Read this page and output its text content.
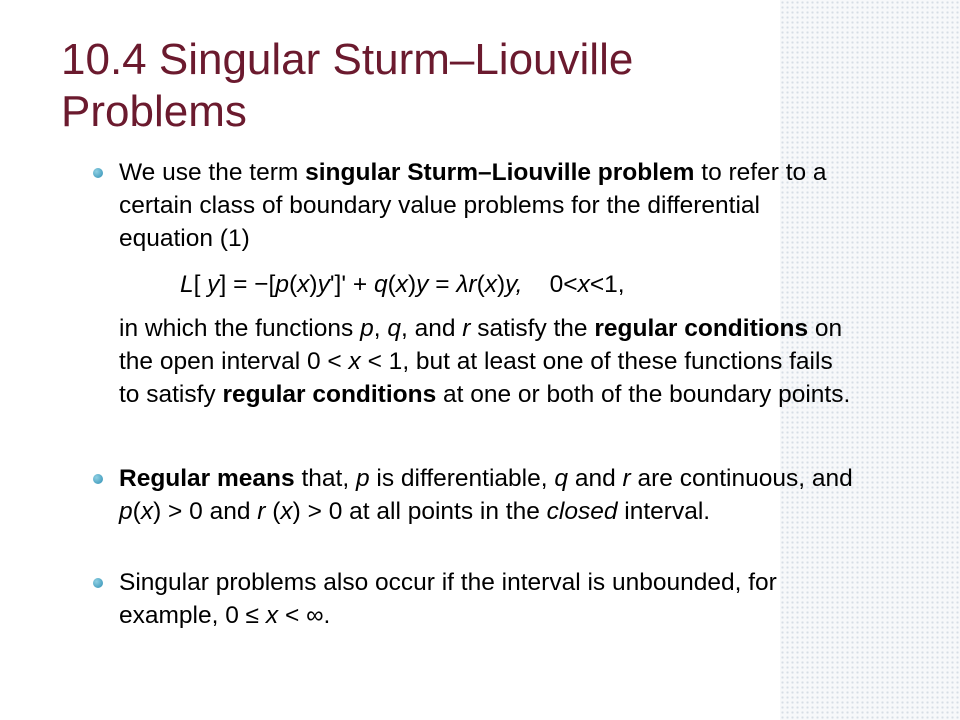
10.4 Singular Sturm–Liouville Problems

We use the term singular Sturm–Liouville problem to refer to a certain class of boundary value problems for the differential equation (1)

L[ y] = −[p(x)y']' + q(x)y = λr(x)y,    0<x<1,

in which the functions p, q, and r satisfy the regular conditions on the open interval 0 < x < 1, but at least one of these functions fails to satisfy regular conditions at one or both of the boundary points.

Regular means that, p is differentiable, q and r are continuous, and p(x) > 0 and r (x) > 0 at all points in the closed interval.

Singular problems also occur if the interval is unbounded, for example, 0 ≤ x < ∞.
